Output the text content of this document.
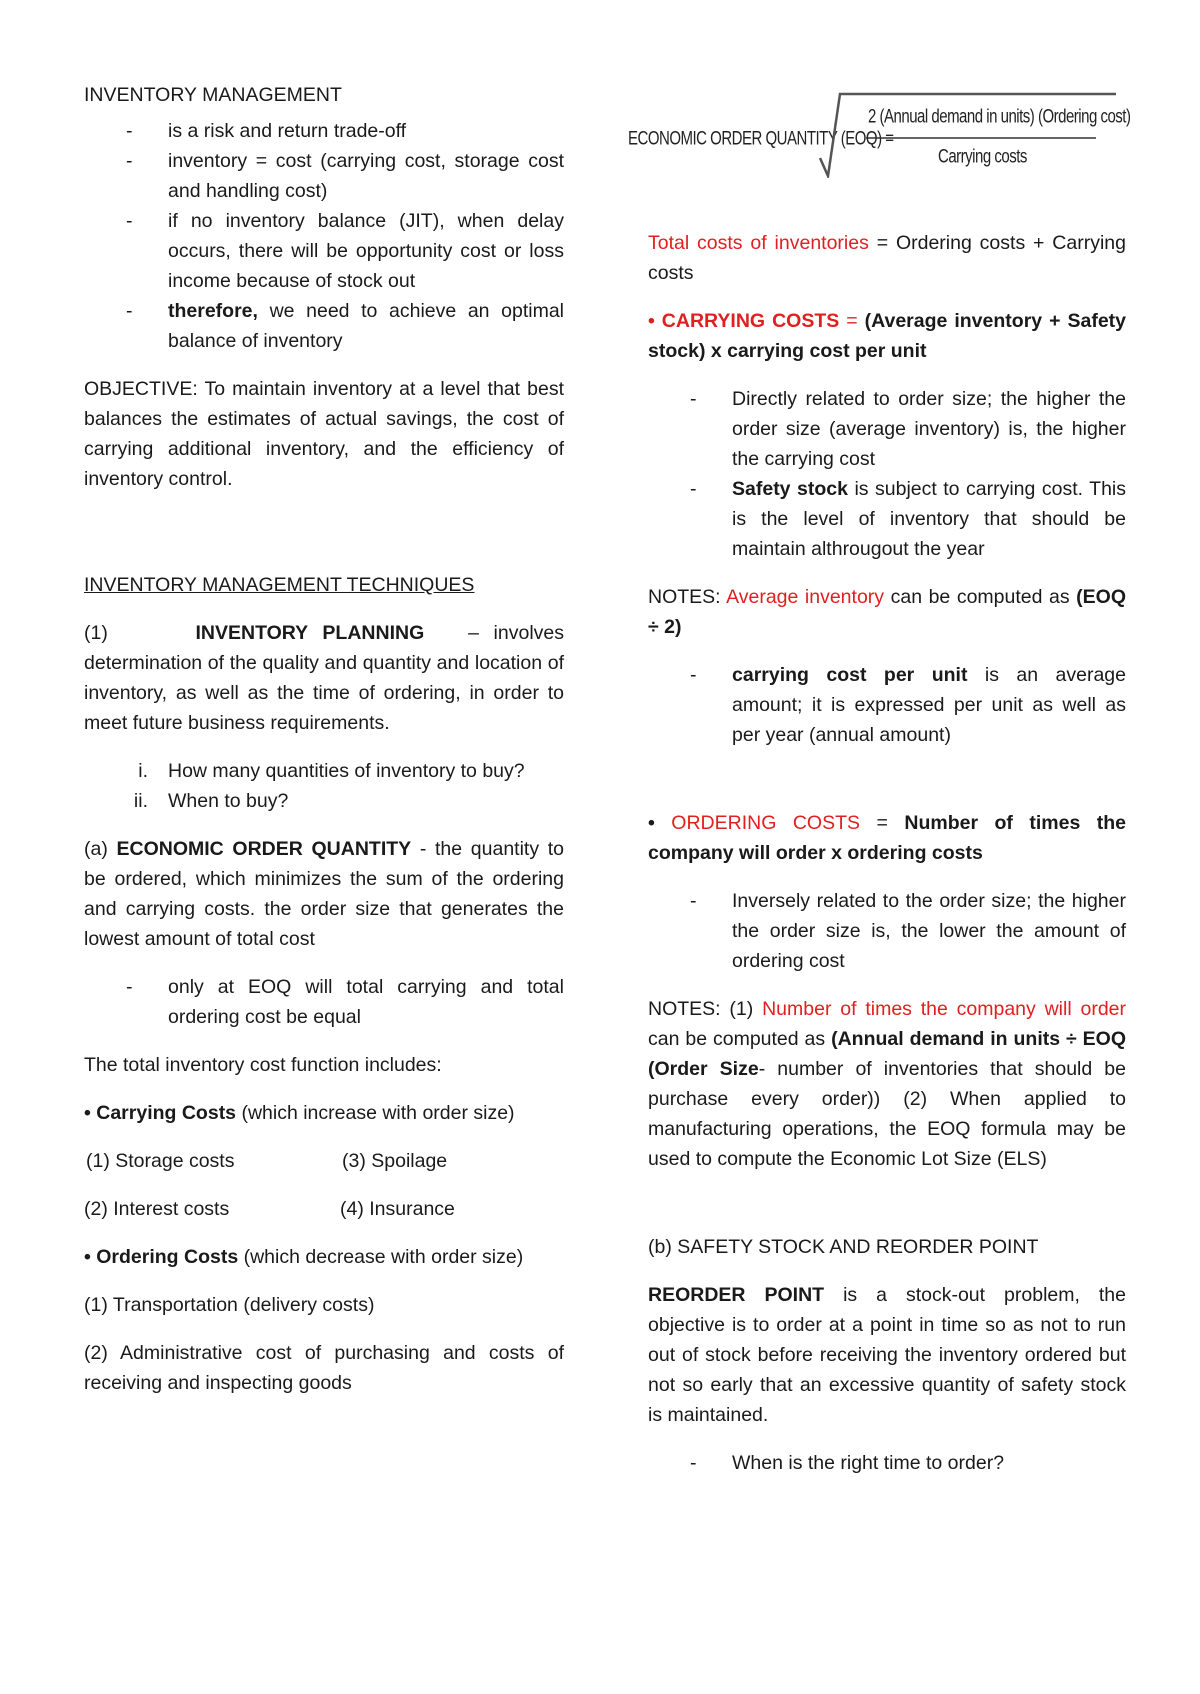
INVENTORY MANAGEMENT

- is a risk and return trade-off
- inventory = cost (carrying cost, storage cost and handling cost)

- if no inventory balance (JIT), when delay occurs, there will be opportunity cost or loss income because of stock out

- therefore, we need to achieve an optimal balance of inventory

OBJECTIVE: To maintain inventory at a level that best balances the estimates of actual savings, the cost of carrying additional inventory, and the efficiency of inventory control.

INVENTORY MANAGEMENT TECHNIQUES

(1)	INVENTORY PLANNING – involves determination of the quality and quantity and location of inventory, as well as the time of ordering, in order to meet future business requirements.

i. How many quantities of inventory to buy?

ii. When to buy?

(a) ECONOMIC ORDER QUANTITY - the quantity to be ordered, which minimizes the sum of the ordering and carrying costs. the order size that generates the lowest amount of total cost

- only at EOQ will total carrying and total ordering cost be equal

The total inventory cost function includes:

• Carrying Costs (which increase with order size)

(1) Storage costs	(3) Spoilage
(2) Interest costs	(4) Insurance

• Ordering Costs (which decrease with order size)

(1) Transportation (delivery costs)

(2) Administrative cost of purchasing and costs of receiving and inspecting goods

ECONOMIC ORDER QUANTITY (EOQ) =
2 (Annual demand in units) (Ordering cost)
Carrying costs

Total costs of inventories = Ordering costs + Carrying costs

• CARRYING COSTS = (Average inventory + Safety stock) x carrying cost per unit

- Directly related to order size; the higher the order size (average inventory) is, the higher the carrying cost

- Safety stock is subject to carrying cost. This is the level of inventory that should be maintain althrougout the year

NOTES: Average inventory can be computed as (EOQ ÷ 2)

- carrying cost per unit is an average amount; it is expressed per unit as well as per year (annual amount)

• ORDERING COSTS = Number of times the company will order x ordering costs

- Inversely related to the order size; the higher the order size is, the lower the amount of ordering cost

NOTES: (1) Number of times the company will order can be computed as (Annual demand in units ÷ EOQ (Order Size- number of inventories that should be purchase every order)) (2) When applied to manufacturing operations, the EOQ formula may be used to compute the Economic Lot Size (ELS)

(b) SAFETY STOCK AND REORDER POINT

REORDER POINT is a stock-out problem, the objective is to order at a point in time so as not to run out of stock before receiving the inventory ordered but not so early that an excessive quantity of safety stock is maintained.

- When is the right time to order?
